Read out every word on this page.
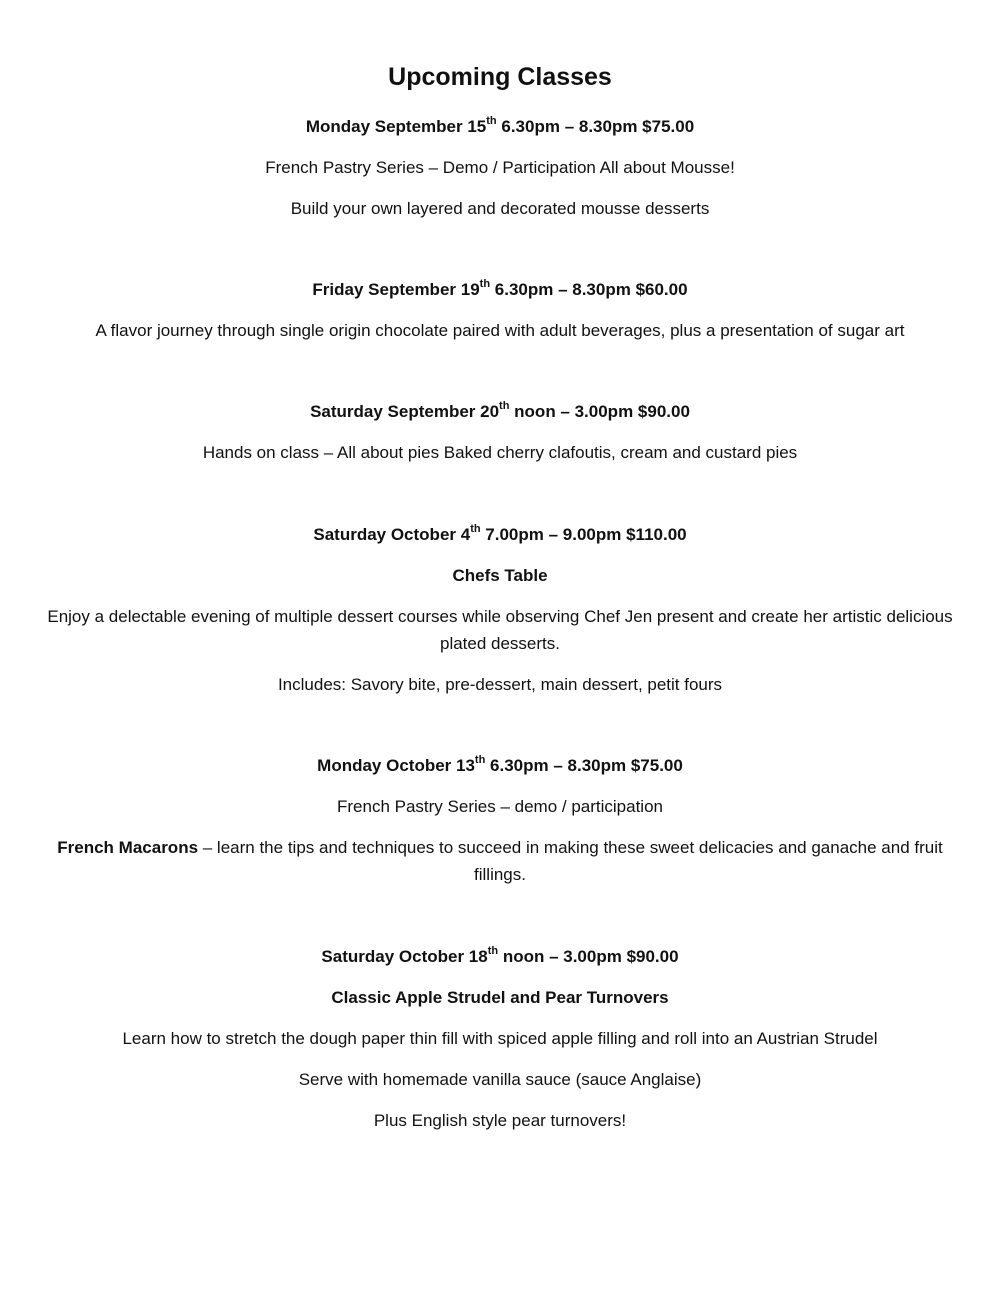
Upcoming Classes
Monday September 15th 6.30pm – 8.30pm $75.00
French Pastry Series – Demo / Participation All about Mousse!
Build your own layered and decorated mousse desserts
Friday September 19th 6.30pm – 8.30pm $60.00
A flavor journey through single origin chocolate paired with adult beverages, plus a presentation of sugar art
Saturday September 20th noon – 3.00pm $90.00
Hands on class – All about pies Baked cherry clafoutis, cream and custard pies
Saturday October 4th 7.00pm – 9.00pm $110.00
Chefs Table
Enjoy a delectable evening of multiple dessert courses while observing Chef Jen present and create her artistic delicious plated desserts.
Includes: Savory bite, pre-dessert, main dessert, petit fours
Monday October 13th 6.30pm – 8.30pm $75.00
French Pastry Series – demo / participation
French Macarons – learn the tips and techniques to succeed in making these sweet delicacies and ganache and fruit fillings.
Saturday October 18th noon – 3.00pm $90.00
Classic Apple Strudel and Pear Turnovers
Learn how to stretch the dough paper thin fill with spiced apple filling and roll into an Austrian Strudel
Serve with homemade vanilla sauce (sauce Anglaise)
Plus English style pear turnovers!
